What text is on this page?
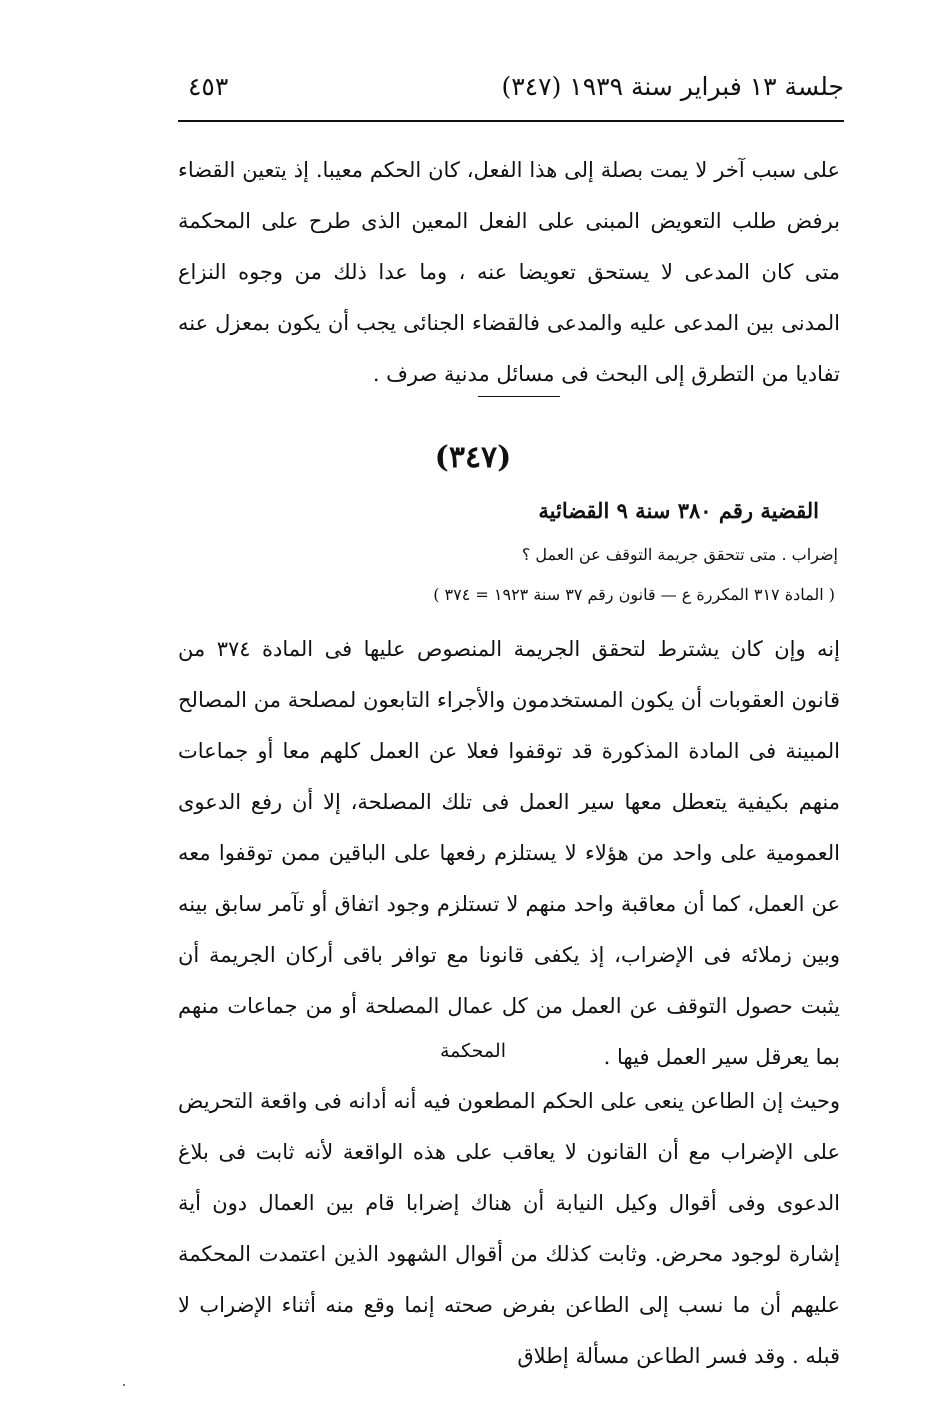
جلسة ١٣ فبراير سنة ١٩٣٩ (٣٤٧)
٤٥٣
على سبب آخر لا يمت بصلة إلى هذا الفعل، كان الحكم معيبا. إذ يتعين القضاء برفض طلب التعويض المبنى على الفعل المعين الذى طرح على المحكمة متى كان المدعى لا يستحق تعويضا عنه ، وما عدا ذلك من وجوه النزاع المدنى بين المدعى عليه والمدعى فالقضاء الجنائى يجب أن يكون بمعزل عنه تفاديا من التطرق إلى البحث فى مسائل مدنية صرف .
(٣٤٧)
القضية رقم ٣٨٠ سنة ٩ القضائية
إضراب . متى تتحقق جريمة التوقف عن العمل ؟
( المادة ٣١٧ المكررة ع — قانون رقم ٣٧ سنة ١٩٢٣ = ٣٧٤ )
إنه وإن كان يشترط لتحقق الجريمة المنصوص عليها فى المادة ٣٧٤ من قانون العقوبات أن يكون المستخدمون والأجراء التابعون لمصلحة من المصالح المبينة فى المادة المذكورة قد توقفوا فعلا عن العمل كلهم معا أو جماعات منهم بكيفية يتعطل معها سير العمل فى تلك المصلحة، إلا أن رفع الدعوى العمومية على واحد من هؤلاء لا يستلزم رفعها على الباقين ممن توقفوا معه عن العمل، كما أن معاقبة واحد منهم لا تستلزم وجود اتفاق أو تآمر سابق بينه وبين زملائه فى الإضراب، إذ يكفى قانونا مع توافر باقى أركان الجريمة أن يثبت حصول التوقف عن العمل من كل عمال المصلحة أو من جماعات منهم بما يعرقل سير العمل فيها .
المحكمة
وحيث إن الطاعن ينعى على الحكم المطعون فيه أنه أدانه فى واقعة التحريض على الإضراب مع أن القانون لا يعاقب على هذه الواقعة لأنه ثابت فى بلاغ الدعوى وفى أقوال وكيل النيابة أن هناك إضرابا قام بين العمال دون أية إشارة لوجود محرض. وثابت كذلك من أقوال الشهود الذين اعتمدت المحكمة عليهم أن ما نسب إلى الطاعن بفرض صحته إنما وقع منه أثناء الإضراب لا قبله . وقد فسر الطاعن مسألة إطلاق
